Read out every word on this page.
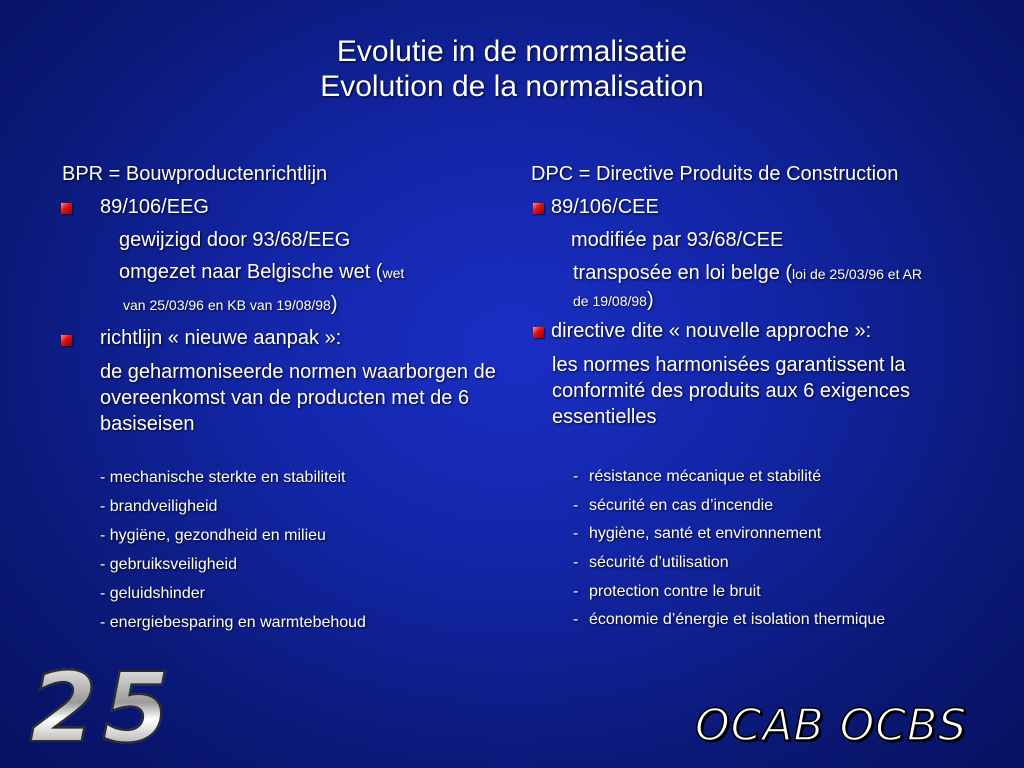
Evolutie in de normalisatie
Evolution de la normalisation
BPR = Bouwproductenrichtlijn
89/106/EEG
gewijzigd door 93/68/EEG
omgezet naar Belgische wet (wet
van 25/03/96 en KB van 19/08/98)
richtlijn « nieuwe aanpak »:
de geharmoniseerde normen waarborgen de overeenkomst van de producten met de 6 basiseisen
- mechanische sterkte en stabiliteit
- brandveiligheid
- hygiëne, gezondheid en milieu
- gebruiksveiligheid
- geluidshinder
- energiebesparing en warmtebehoud
DPC = Directive Produits de Construction
89/106/CEE
modifiée par 93/68/CEE
transposée en loi belge (loi de 25/03/96 et AR
de 19/08/98)
directive dite « nouvelle approche »:
les normes harmonisées garantissent la conformité des produits aux 6 exigences essentielles
- résistance mécanique et stabilité
- sécurité en cas d’incendie
- hygiène, santé et environnement
- sécurité d’utilisation
- protection contre le bruit
- économie d’énergie et isolation thermique
25	OCAB OCBS
